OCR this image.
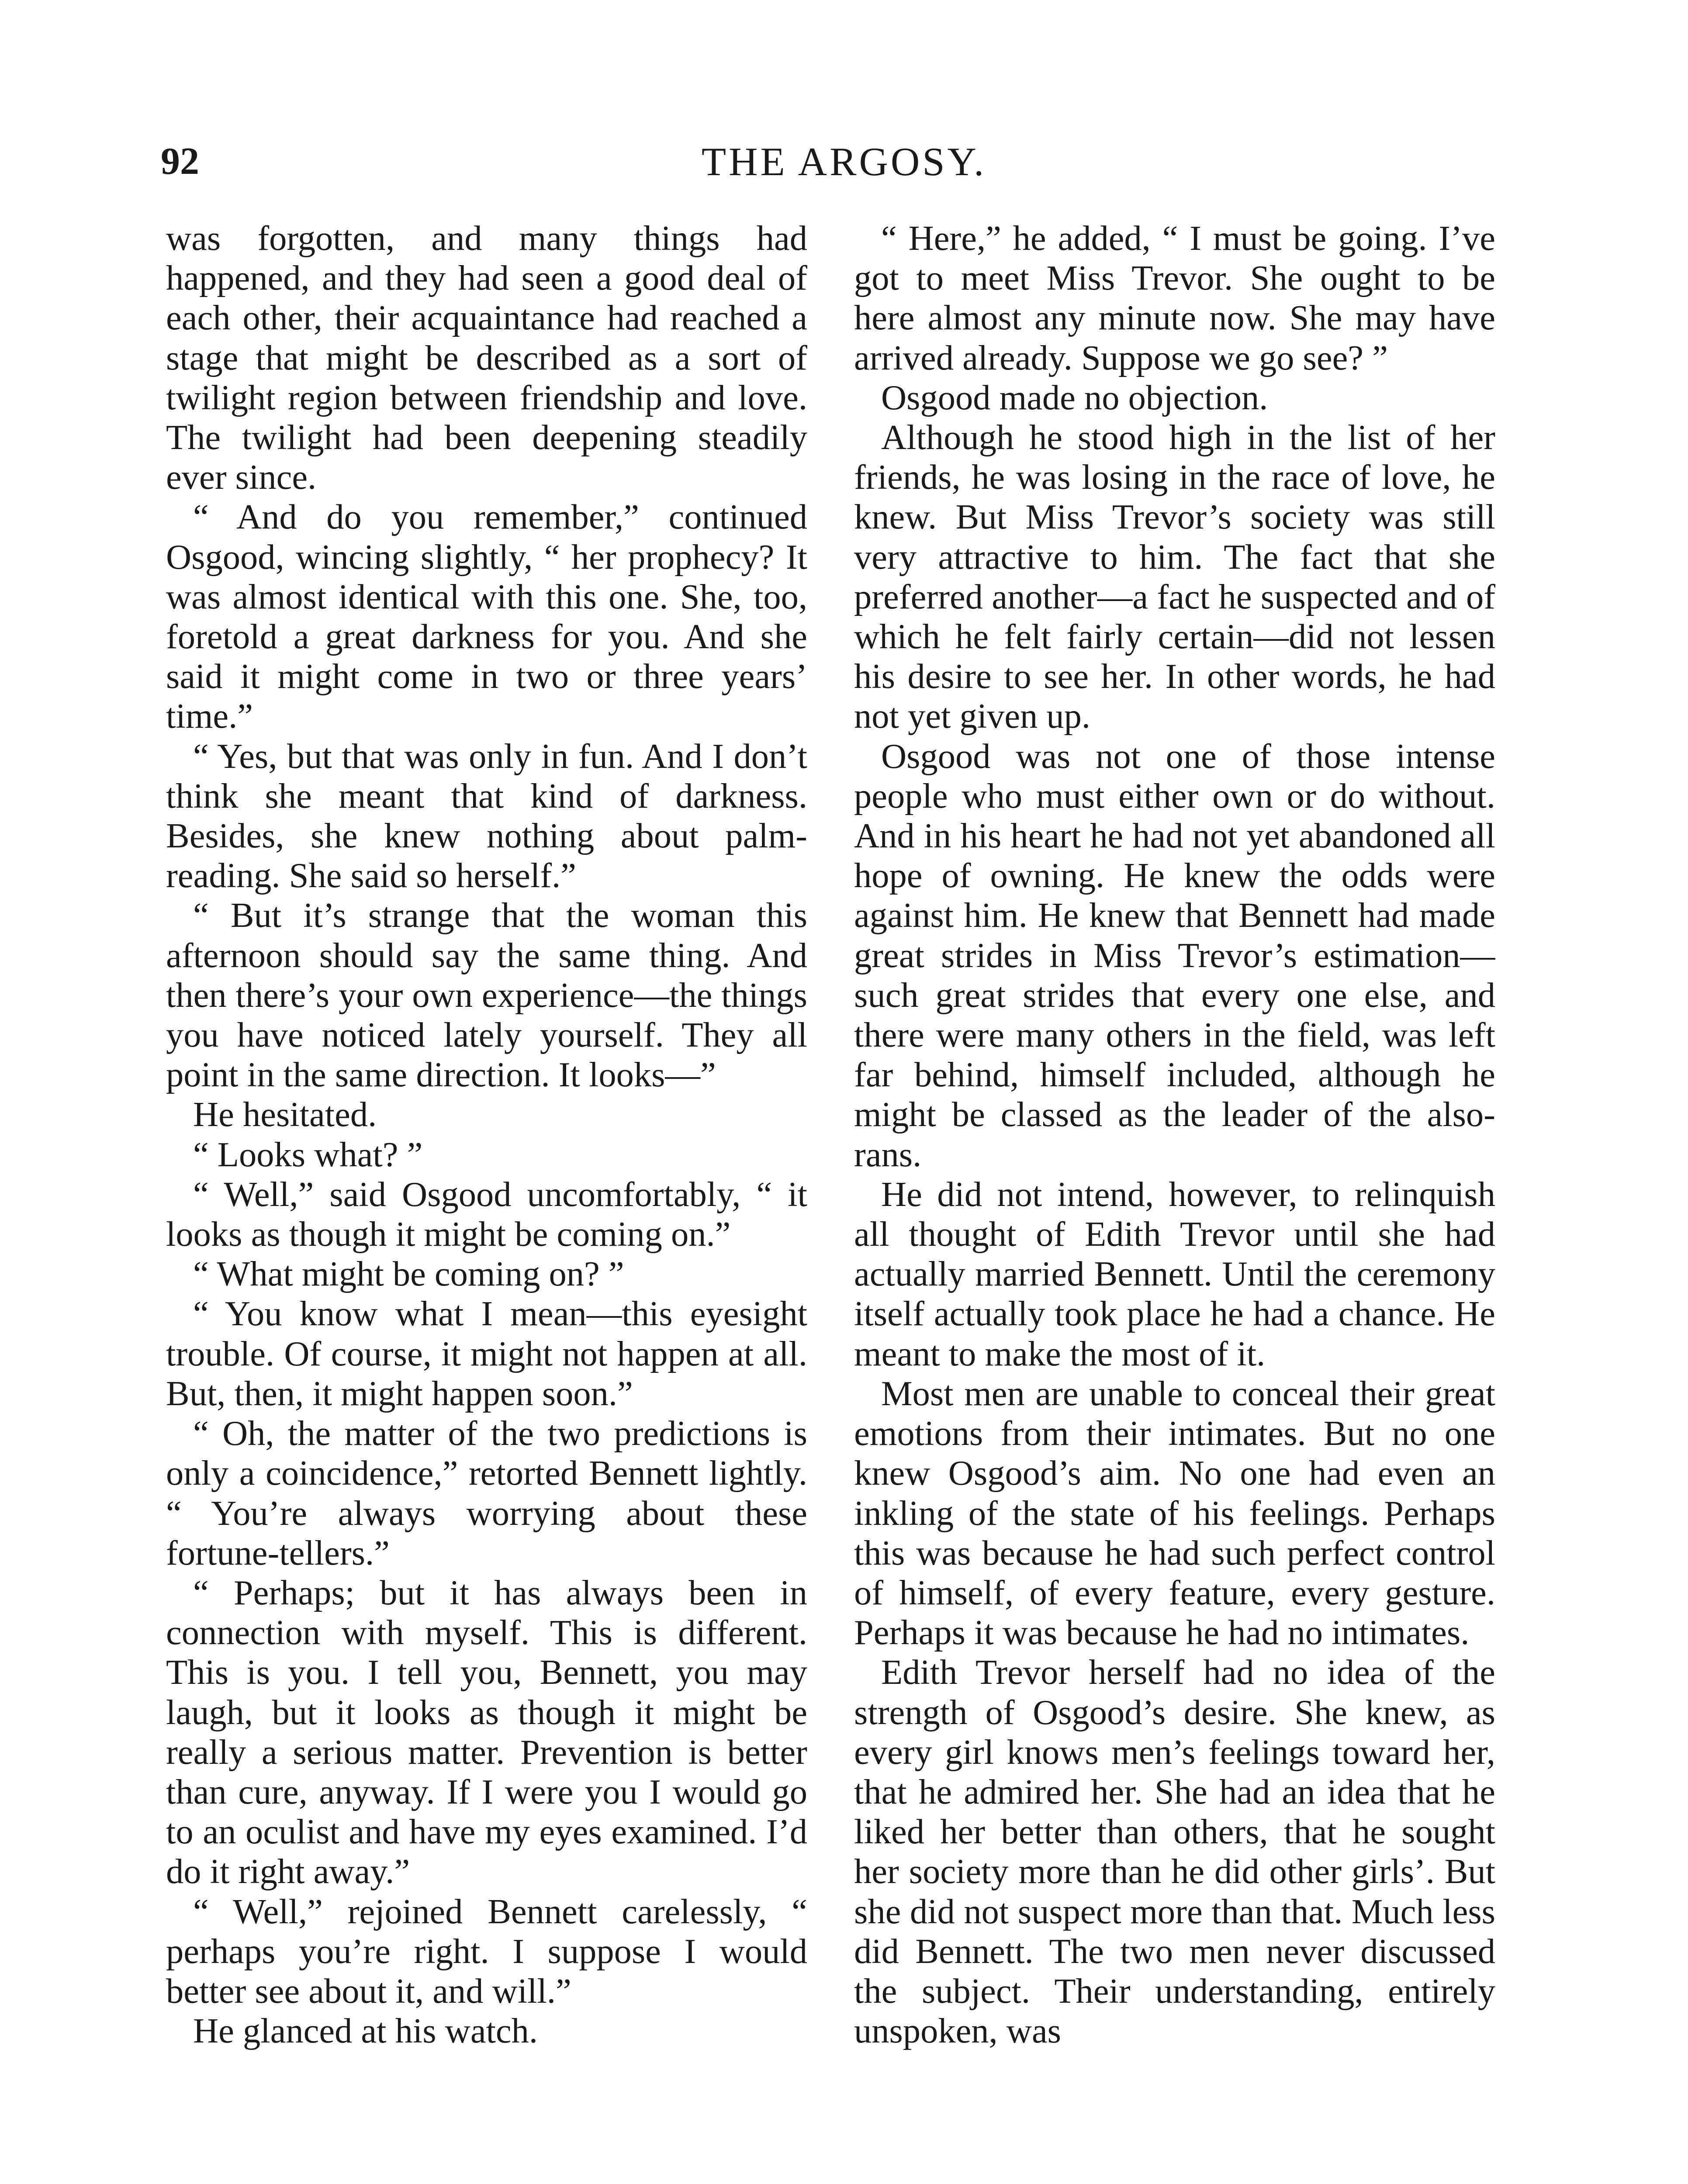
92	THE ARGOSY.

was forgotten, and many things had happened, and they had seen a good deal of each other, their acquaintance had reached a stage that might be described as a sort of twilight region between friendship and love. The twilight had been deepening steadily ever since.

“ And do you remember,” continued Osgood, wincing slightly, “ her prophecy? It was almost identical with this one. She, too, foretold a great darkness for you. And she said it might come in two or three years’ time.”

“ Yes, but that was only in fun. And I don’t think she meant that kind of darkness. Besides, she knew nothing about palm-reading. She said so herself.”

“ But it’s strange that the woman this afternoon should say the same thing. And then there’s your own experience—the things you have noticed lately yourself. They all point in the same direction. It looks—”

He hesitated.

“ Looks what? ”

“ Well,” said Osgood uncomfortably, “ it looks as though it might be coming on.”

“ What might be coming on? ”

“ You know what I mean—this eyesight trouble. Of course, it might not happen at all. But, then, it might happen soon.”

“ Oh, the matter of the two predictions is only a coincidence,” retorted Bennett lightly. “ You’re always worrying about these fortune-tellers.”

“ Perhaps; but it has always been in connection with myself. This is different. This is you. I tell you, Bennett, you may laugh, but it looks as though it might be really a serious matter. Prevention is better than cure, anyway. If I were you I would go to an oculist and have my eyes examined. I’d do it right away.”

“ Well,” rejoined Bennett carelessly, “ perhaps you’re right. I suppose I would better see about it, and will.”

He glanced at his watch.

“ Here,” he added, “ I must be going. I’ve got to meet Miss Trevor. She ought to be here almost any minute now. She may have arrived already. Suppose we go see? ”

Osgood made no objection.

Although he stood high in the list of her friends, he was losing in the race of love, he knew. But Miss Trevor’s society was still very attractive to him. The fact that she preferred another—a fact he suspected and of which he felt fairly certain—did not lessen his desire to see her. In other words, he had not yet given up.

Osgood was not one of those intense people who must either own or do without. And in his heart he had not yet abandoned all hope of owning. He knew the odds were against him. He knew that Bennett had made great strides in Miss Trevor’s estimation—such great strides that every one else, and there were many others in the field, was left far behind, himself included, although he might be classed as the leader of the also-rans.

He did not intend, however, to relinquish all thought of Edith Trevor until she had actually married Bennett. Until the ceremony itself actually took place he had a chance. He meant to make the most of it.

Most men are unable to conceal their great emotions from their intimates. But no one knew Osgood’s aim. No one had even an inkling of the state of his feelings. Perhaps this was because he had such perfect control of himself, of every feature, every gesture. Perhaps it was because he had no intimates.

Edith Trevor herself had no idea of the strength of Osgood’s desire. She knew, as every girl knows men’s feelings toward her, that he admired her. She had an idea that he liked her better than others, that he sought her society more than he did other girls’. But she did not suspect more than that. Much less did Bennett. The two men never discussed the subject. Their understanding, entirely unspoken, was
